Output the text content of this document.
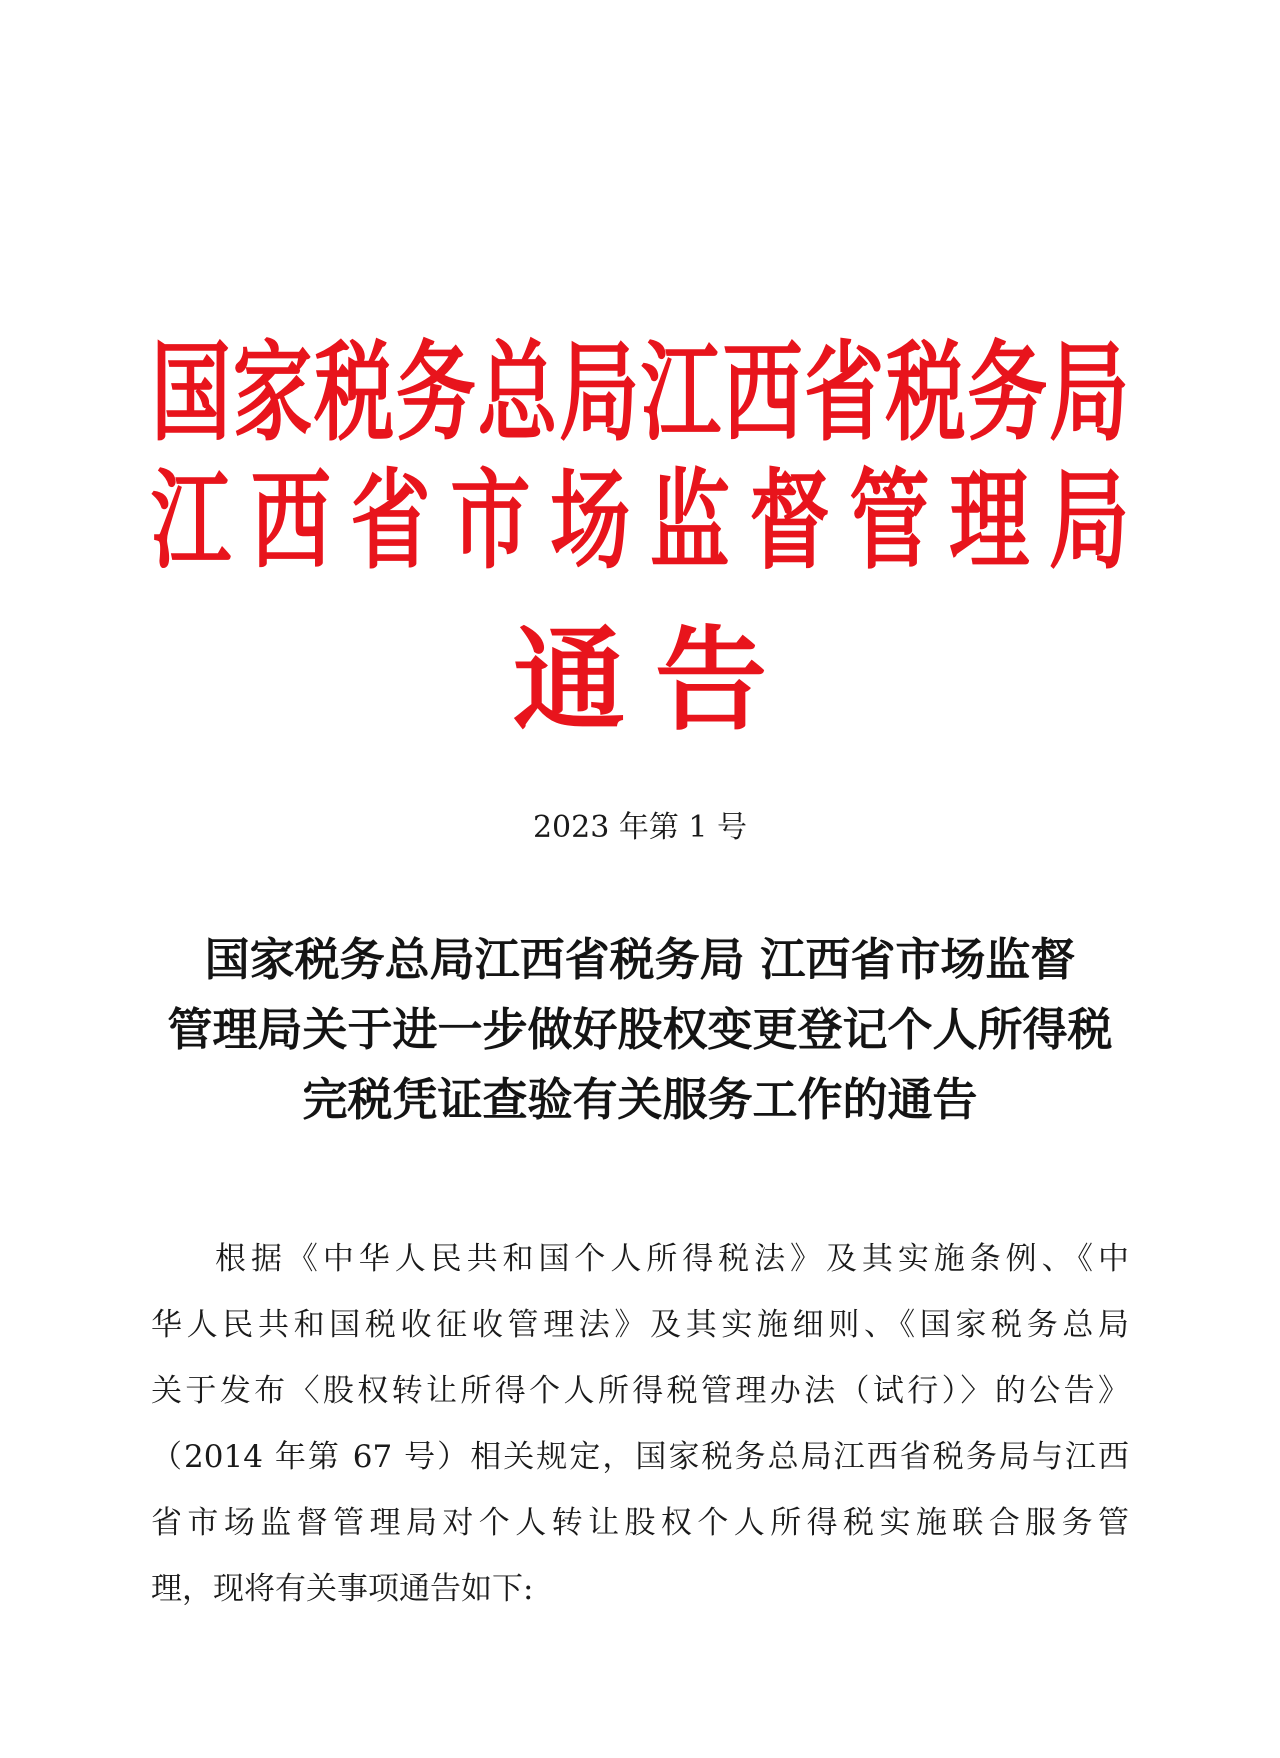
国家税务总局江西省税务局
江西省市场监督管理局
通告
2023 年第 1 号
国家税务总局江西省税务局 江西省市场监督
管理局关于进一步做好股权变更登记个人所得税
完税凭证查验有关服务工作的通告
根据《中华人民共和国个人所得税法》及其实施条例、《中
华人民共和国税收征收管理法》及其实施细则、《国家税务总局
关于发布〈股权转让所得个人所得税管理办法（试行）〉的公告》
（2014 年第 67 号）相关规定，国家税务总局江西省税务局与江西
省市场监督管理局对个人转让股权个人所得税实施联合服务管
理，现将有关事项通告如下:
